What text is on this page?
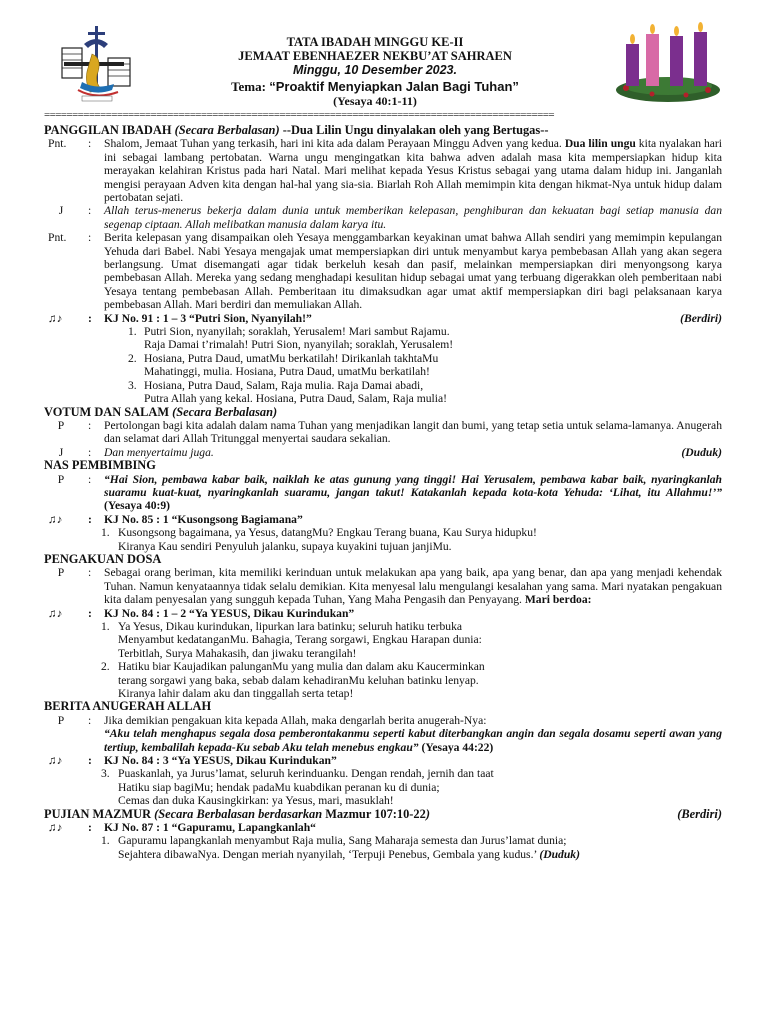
TATA IBADAH MINGGU KE-II
JEMAAT EBENHAEZER NEKBU’AT SAHRAEN
Minggu, 10 Desember 2023.
Tema: “Proaktif Menyiapkan Jalan Bagi Tuhan”
(Yesaya 40:1-11)
===========================================================================================
PANGGILAN IBADAH (Secara Berbalasan) --Dua Lilin Ungu dinyalakan oleh yang Bertugas--
Pnt.	: Shalom, Jemaat Tuhan yang terkasih, hari ini kita ada dalam Perayaan Minggu Adven yang kedua. Dua lilin ungu kita nyalakan hari ini sebagai lambang pertobatan. Warna ungu mengingatkan kita bahwa adven adalah masa kita mempersiapkan hidup kita merayakan kelahiran Kristus pada hari Natal. Mari melihat kepada Yesus Kristus sebagai yang utama dalam hidup ini. Janganlah mengisi perayaan Adven kita dengan hal-hal yang sia-sia. Biarlah Roh Allah memimpin kita dengan hikmat-Nya untuk hidup dalam pertobatan sejati.
J	: Allah terus-menerus bekerja dalam dunia untuk memberikan kelepasan, penghiburan dan kekuatan bagi setiap manusia dan segenap ciptaan. Allah melibatkan manusia dalam karya itu.
Pnt.	: Berita kelepasan yang disampaikan oleh Yesaya menggambarkan keyakinan umat bahwa Allah sendiri yang memimpin kepulangan Yehuda dari Babel. Nabi Yesaya mengajak umat mempersiapkan diri untuk menyambut karya pembebasan Allah yang akan segera berlangsung. Umat disemangati agar tidak berkeluh kesah dan pasif, melainkan mempersiapkan diri menyongsong karya pembebasan Allah. Mereka yang sedang menghadapi kesulitan hidup sebagai umat yang terbuang digerakkan oleh pemberitaan nabi Yesaya tentang pembebasan Allah. Pemberitaan itu dimaksudkan agar umat aktif mempersiapkan diri bagi pelaksanaan karya pembebasan Allah. Mari berdiri dan memuliakan Allah.
♫♪ : KJ No. 91 : 1 – 3 “Putri Sion, Nyanyilah!”	(Berdiri)
1. Putri Sion, nyanyilah; soraklah, Yerusalem! Mari sambut Rajamu.
Raja Damai t’rimalah! Putri Sion, nyanyilah; soraklah, Yerusalem!
2. Hosiana, Putra Daud, umatMu berkatilah! Dirikanlah takhtaMu
Mahatinggi, mulia. Hosiana, Putra Daud, umatMu berkatilah!
3. Hosiana, Putra Daud, Salam, Raja mulia. Raja Damai abadi,
Putra Allah yang kekal. Hosiana, Putra Daud, Salam, Raja mulia!
VOTUM DAN SALAM (Secara Berbalasan)
P	: Pertolongan bagi kita adalah dalam nama Tuhan yang menjadikan langit dan bumi, yang tetap setia untuk selama-lamanya. Anugerah dan selamat dari Allah Tritunggal menyertai saudara sekalian.
J	: Dan menyertaimu juga.	(Duduk)
NAS PEMBIMBING
P	: “Hai Sion, pembawa kabar baik, naiklah ke atas gunung yang tinggi! Hai Yerusalem, pembawa kabar baik, nyaringkanlah suaramu kuat-kuat, nyaringkanlah suaramu, jangan takut! Katakanlah kepada kota-kota Yehuda: ‘Lihat, itu Allahmu!’” (Yesaya 40:9)
♫♪ : KJ No. 85 : 1 “Kusongsong Bagiamana”
1. Kusongsong bagaimana, ya Yesus, datangMu? Engkau Terang buana, Kau Surya hidupku!
Kiranya Kau sendiri Penyuluh jalanku, supaya kuyakini tujuan janjiMu.
PENGAKUAN DOSA
P	: Sebagai orang beriman, kita memiliki kerinduan untuk melakukan apa yang baik, apa yang benar, dan apa yang menjadi kehendak Tuhan. Namun kenyataannya tidak selalu demikian. Kita menyesal lalu mengulangi kesalahan yang sama. Mari nyatakan pengakuan kita dalam penyesalan yang sungguh kepada Tuhan, Yang Maha Pengasih dan Penyayang. Mari berdoa:
♫♪ : KJ No. 84 : 1 – 2 “Ya YESUS, Dikau Kurindukan”
1. Ya Yesus, Dikau kurindukan, lipurkan lara batinku; seluruh hatiku terbuka
Menyambut kedatanganMu. Bahagia, Terang sorgawi, Engkau Harapan dunia:
Terbitlah, Surya Mahakasih, dan jiwaku terangilah!
2. Hatiku biar Kaujadikan palunganMu yang mulia dan dalam aku Kaucerminkan
terang sorgawi yang baka, sebab dalam kehadiranMu keluhan batinku lenyap.
Kiranya lahir dalam aku dan tinggallah serta tetap!
BERITA ANUGERAH ALLAH
P	: Jika demikian pengakuan kita kepada Allah, maka dengarlah berita anugerah-Nya:
“Aku telah menghapus segala dosa pemberontakanmu seperti kabut diterbangkan angin dan segala dosamu seperti awan yang tertiup, kembalilah kepada-Ku sebab Aku telah menebus engkau” (Yesaya 44:22)
♫♪ : KJ No. 84 : 3 “Ya YESUS, Dikau Kurindukan”
3. Puaskanlah, ya Jurus’lamat, seluruh kerinduanku. Dengan rendah, jernih dan taat
Hatiku siap bagiMu; hendak padaMu kuabdikan peranan ku di dunia;
Cemas dan duka Kausingkirkan: ya Yesus, mari, masuklah!
PUJIAN MAZMUR (Secara Berbalasan berdasarkan Mazmur 107:10-22)	(Berdiri)
♫♪ : KJ No. 87 : 1 “Gapuramu, Lapangkanlah“
1. Gapuramu lapangkanlah menyambut Raja mulia, Sang Maharaja semesta dan Jurus’lamat dunia;
Sejahtera dibawaNya. Dengan meriah nyanyilah, ‘Terpuji Penebus, Gembala yang kudus.’ (Duduk)
